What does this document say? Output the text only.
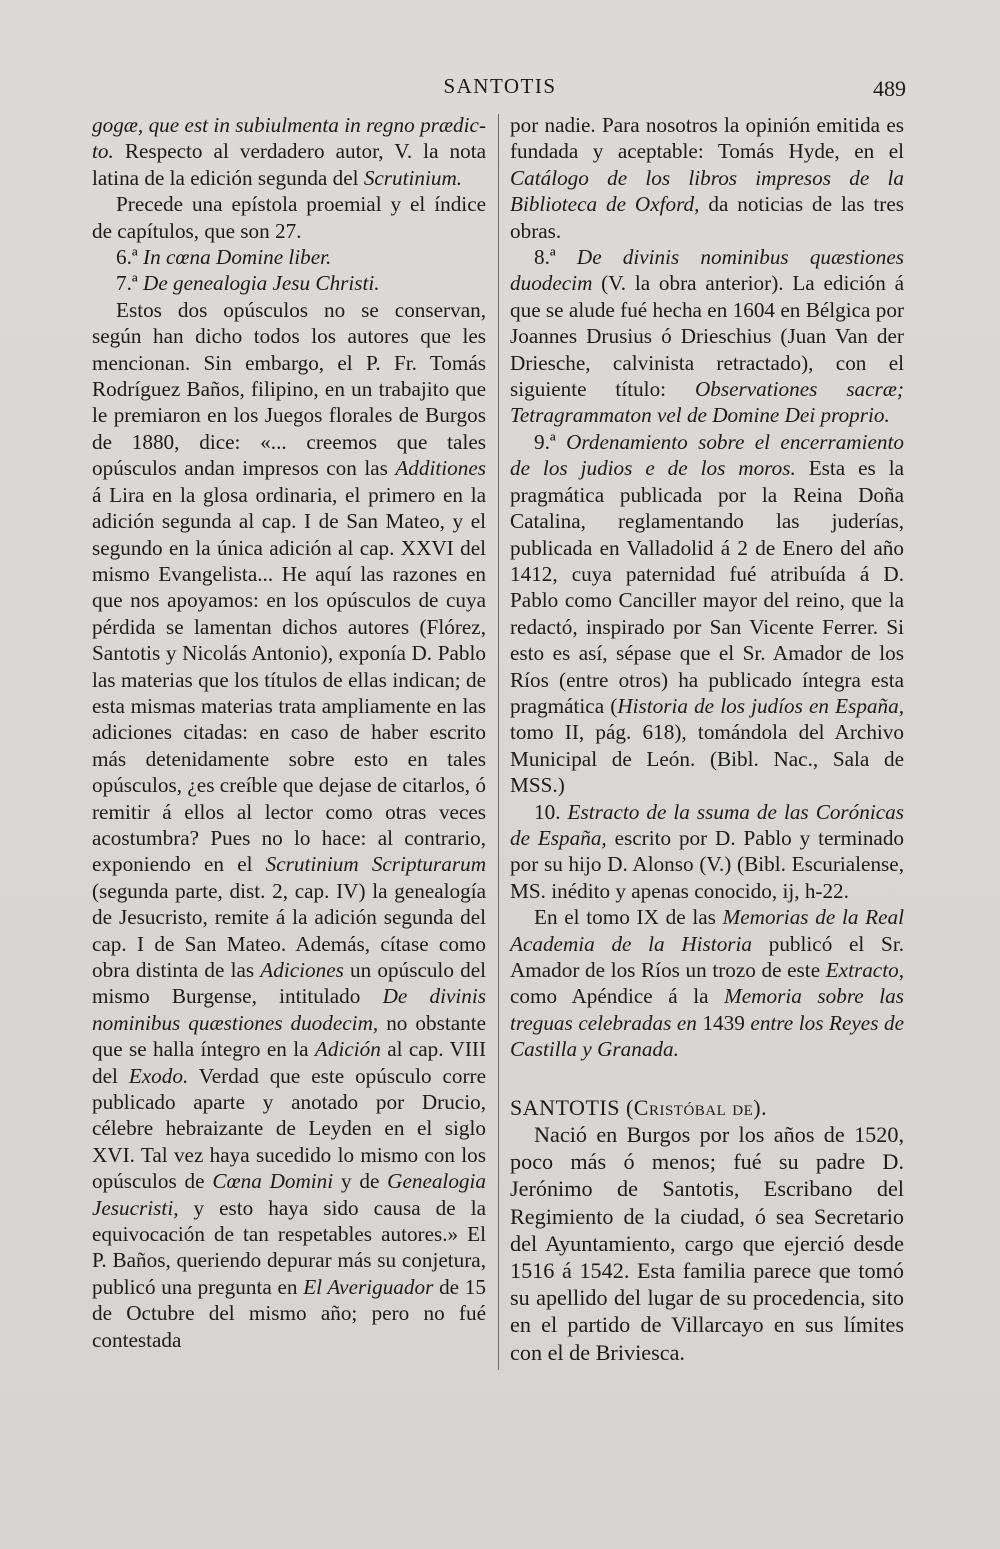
SANTOTIS	489

gogæ, que est in subiulmenta in regno prædic-to. Respecto al verdadero autor, V. la nota latina de la edición segunda del Scrutinium.

Precede una epístola proemial y el índice de capítulos, que son 27.

6.ª In cœna Domine liber.

7.ª De genealogia Jesu Christi.

Estos dos opúsculos no se conservan, según han dicho todos los autores que les mencionan. Sin embargo, el P. Fr. Tomás Rodríguez Baños, filipino, en un trabajito que le premiaron en los Juegos florales de Burgos de 1880, dice: «... creemos que tales opúsculos andan impresos con las Additiones á Lira en la glosa ordinaria, el primero en la adición segunda al cap. I de San Mateo, y el segundo en la única adición al cap. XXVI del mismo Evangelista... He aquí las razones en que nos apoyamos: en los opúsculos de cuya pérdida se lamentan dichos autores (Flórez, Santotis y Nicolás Antonio), exponía D. Pablo las materias que los títulos de ellas indican; de esta mismas materias trata ampliamente en las adiciones citadas: en caso de haber escrito más detenidamente sobre esto en tales opúsculos, ¿es creíble que dejase de citarlos, ó remitir á ellos al lector como otras veces acostumbra? Pues no lo hace: al contrario, exponiendo en el Scrutinium Scripturarum (segunda parte, dist. 2, cap. IV) la genealogía de Jesucristo, remite á la adición segunda del cap. I de San Mateo. Además, cítase como obra distinta de las Adiciones un opúsculo del mismo Burgense, intitulado De divinis nominibus quæstiones duodecim, no obstante que se halla íntegro en la Adición al cap. VIII del Exodo. Verdad que este opúsculo corre publicado aparte y anotado por Drucio, célebre hebraizante de Leyden en el siglo XVI. Tal vez haya sucedido lo mismo con los opúsculos de Cœna Domini y de Genealogia Jesucristi, y esto haya sido causa de la equivocación de tan respetables autores.» El P. Baños, queriendo depurar más su conjetura, publicó una pregunta en El Averiguador de 15 de Octubre del mismo año; pero no fué contestada

por nadie. Para nosotros la opinión emitida es fundada y aceptable: Tomás Hyde, en el Catálogo de los libros impresos de la Biblioteca de Oxford, da noticias de las tres obras.

8.ª De divinis nominibus quæstiones duodecim (V. la obra anterior). La edición á que se alude fué hecha en 1604 en Bélgica por Joannes Drusius ó Drieschius (Juan Van der Driesche, calvinista retractado), con el siguiente título: Observationes sacræ; Tetragrammaton vel de Domine Dei proprio.

9.ª Ordenamiento sobre el encerramiento de los judios e de los moros. Esta es la pragmática publicada por la Reina Doña Catalina, reglamentando las juderías, publicada en Valladolid á 2 de Enero del año 1412, cuya paternidad fué atribuída á D. Pablo como Canciller mayor del reino, que la redactó, inspirado por San Vicente Ferrer. Si esto es así, sépase que el Sr. Amador de los Ríos (entre otros) ha publicado íntegra esta pragmática (Historia de los judíos en España, tomo II, pág. 618), tomándola del Archivo Municipal de León. (Bibl. Nac., Sala de MSS.)

10. Estracto de la ssuma de las Corónicas de España, escrito por D. Pablo y terminado por su hijo D. Alonso (V.) (Bibl. Escurialense, MS. inédito y apenas conocido, ij, h-22.

En el tomo IX de las Memorias de la Real Academia de la Historia publicó el Sr. Amador de los Ríos un trozo de este Extracto, como Apéndice á la Memoria sobre las treguas celebradas en 1439 entre los Reyes de Castilla y Granada.

SANTOTIS (Cristóbal de).

Nació en Burgos por los años de 1520, poco más ó menos; fué su padre D. Jerónimo de Santotis, Escribano del Regimiento de la ciudad, ó sea Secretario del Ayuntamiento, cargo que ejerció desde 1516 á 1542. Esta familia parece que tomó su apellido del lugar de su procedencia, sito en el partido de Villarcayo en sus límites con el de Briviesca.
